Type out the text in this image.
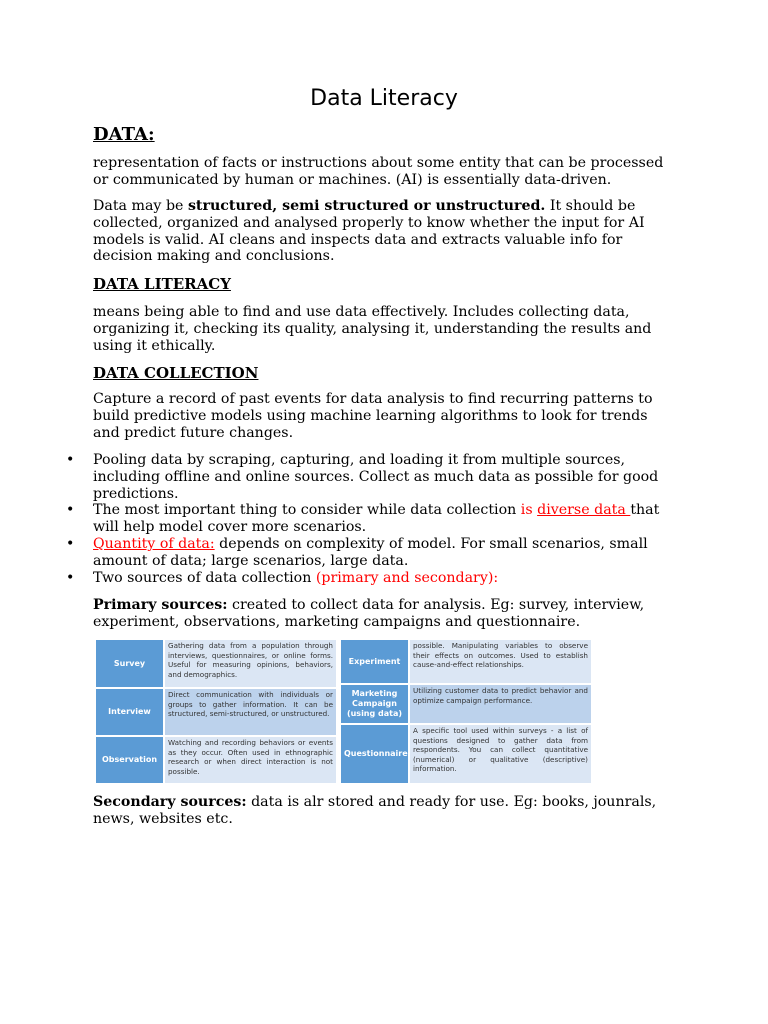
Data Literacy
DATA:
representation of facts or instructions about some entity that can be processed or communicated by human or machines. (AI) is essentially data-driven.
Data may be structured, semi structured or unstructured. It should be collected, organized and analysed properly to know whether the input for AI models is valid. AI cleans and inspects data and extracts valuable info for decision making and conclusions.
DATA LITERACY
means being able to find and use data effectively. Includes collecting data, organizing it, checking its quality, analysing it, understanding the results and using it ethically.
DATA COLLECTION
Capture a record of past events for data analysis to find recurring patterns to build predictive models using machine learning algorithms to look for trends and predict future changes.
• Pooling data by scraping, capturing, and loading it from multiple sources, including offline and online sources. Collect as much data as possible for good predictions.
• The most important thing to consider while data collection is diverse data that will help model cover more scenarios.
• Quantity of data: depends on complexity of model. For small scenarios, small amount of data; large scenarios, large data.
• Two sources of data collection (primary and secondary):
Primary sources: created to collect data for analysis. Eg: survey, interview, experiment, observations, marketing campaigns and questionnaire.
Survey	Gathering data from a population through interviews, questionnaires, or online forms. Useful for measuring opinions, behaviors, and demographics.
Interview	Direct communication with individuals or groups to gather information. It can be structured, semi-structured, or unstructured.
Observation	Watching and recording behaviors or events as they occur. Often used in ethnographic research or when direct interaction is not possible.
Experiment	possible. Manipulating variables to observe their effects on outcomes. Used to establish cause-and-effect relationships.
Marketing Campaign (using data)	Utilizing customer data to predict behavior and optimize campaign performance.
Questionnaire	A specific tool used within surveys - a list of questions designed to gather data from respondents. You can collect quantitative (numerical) or qualitative (descriptive) information.
Secondary sources: data is alr stored and ready for use. Eg: books, jounrals, news, websites etc.
